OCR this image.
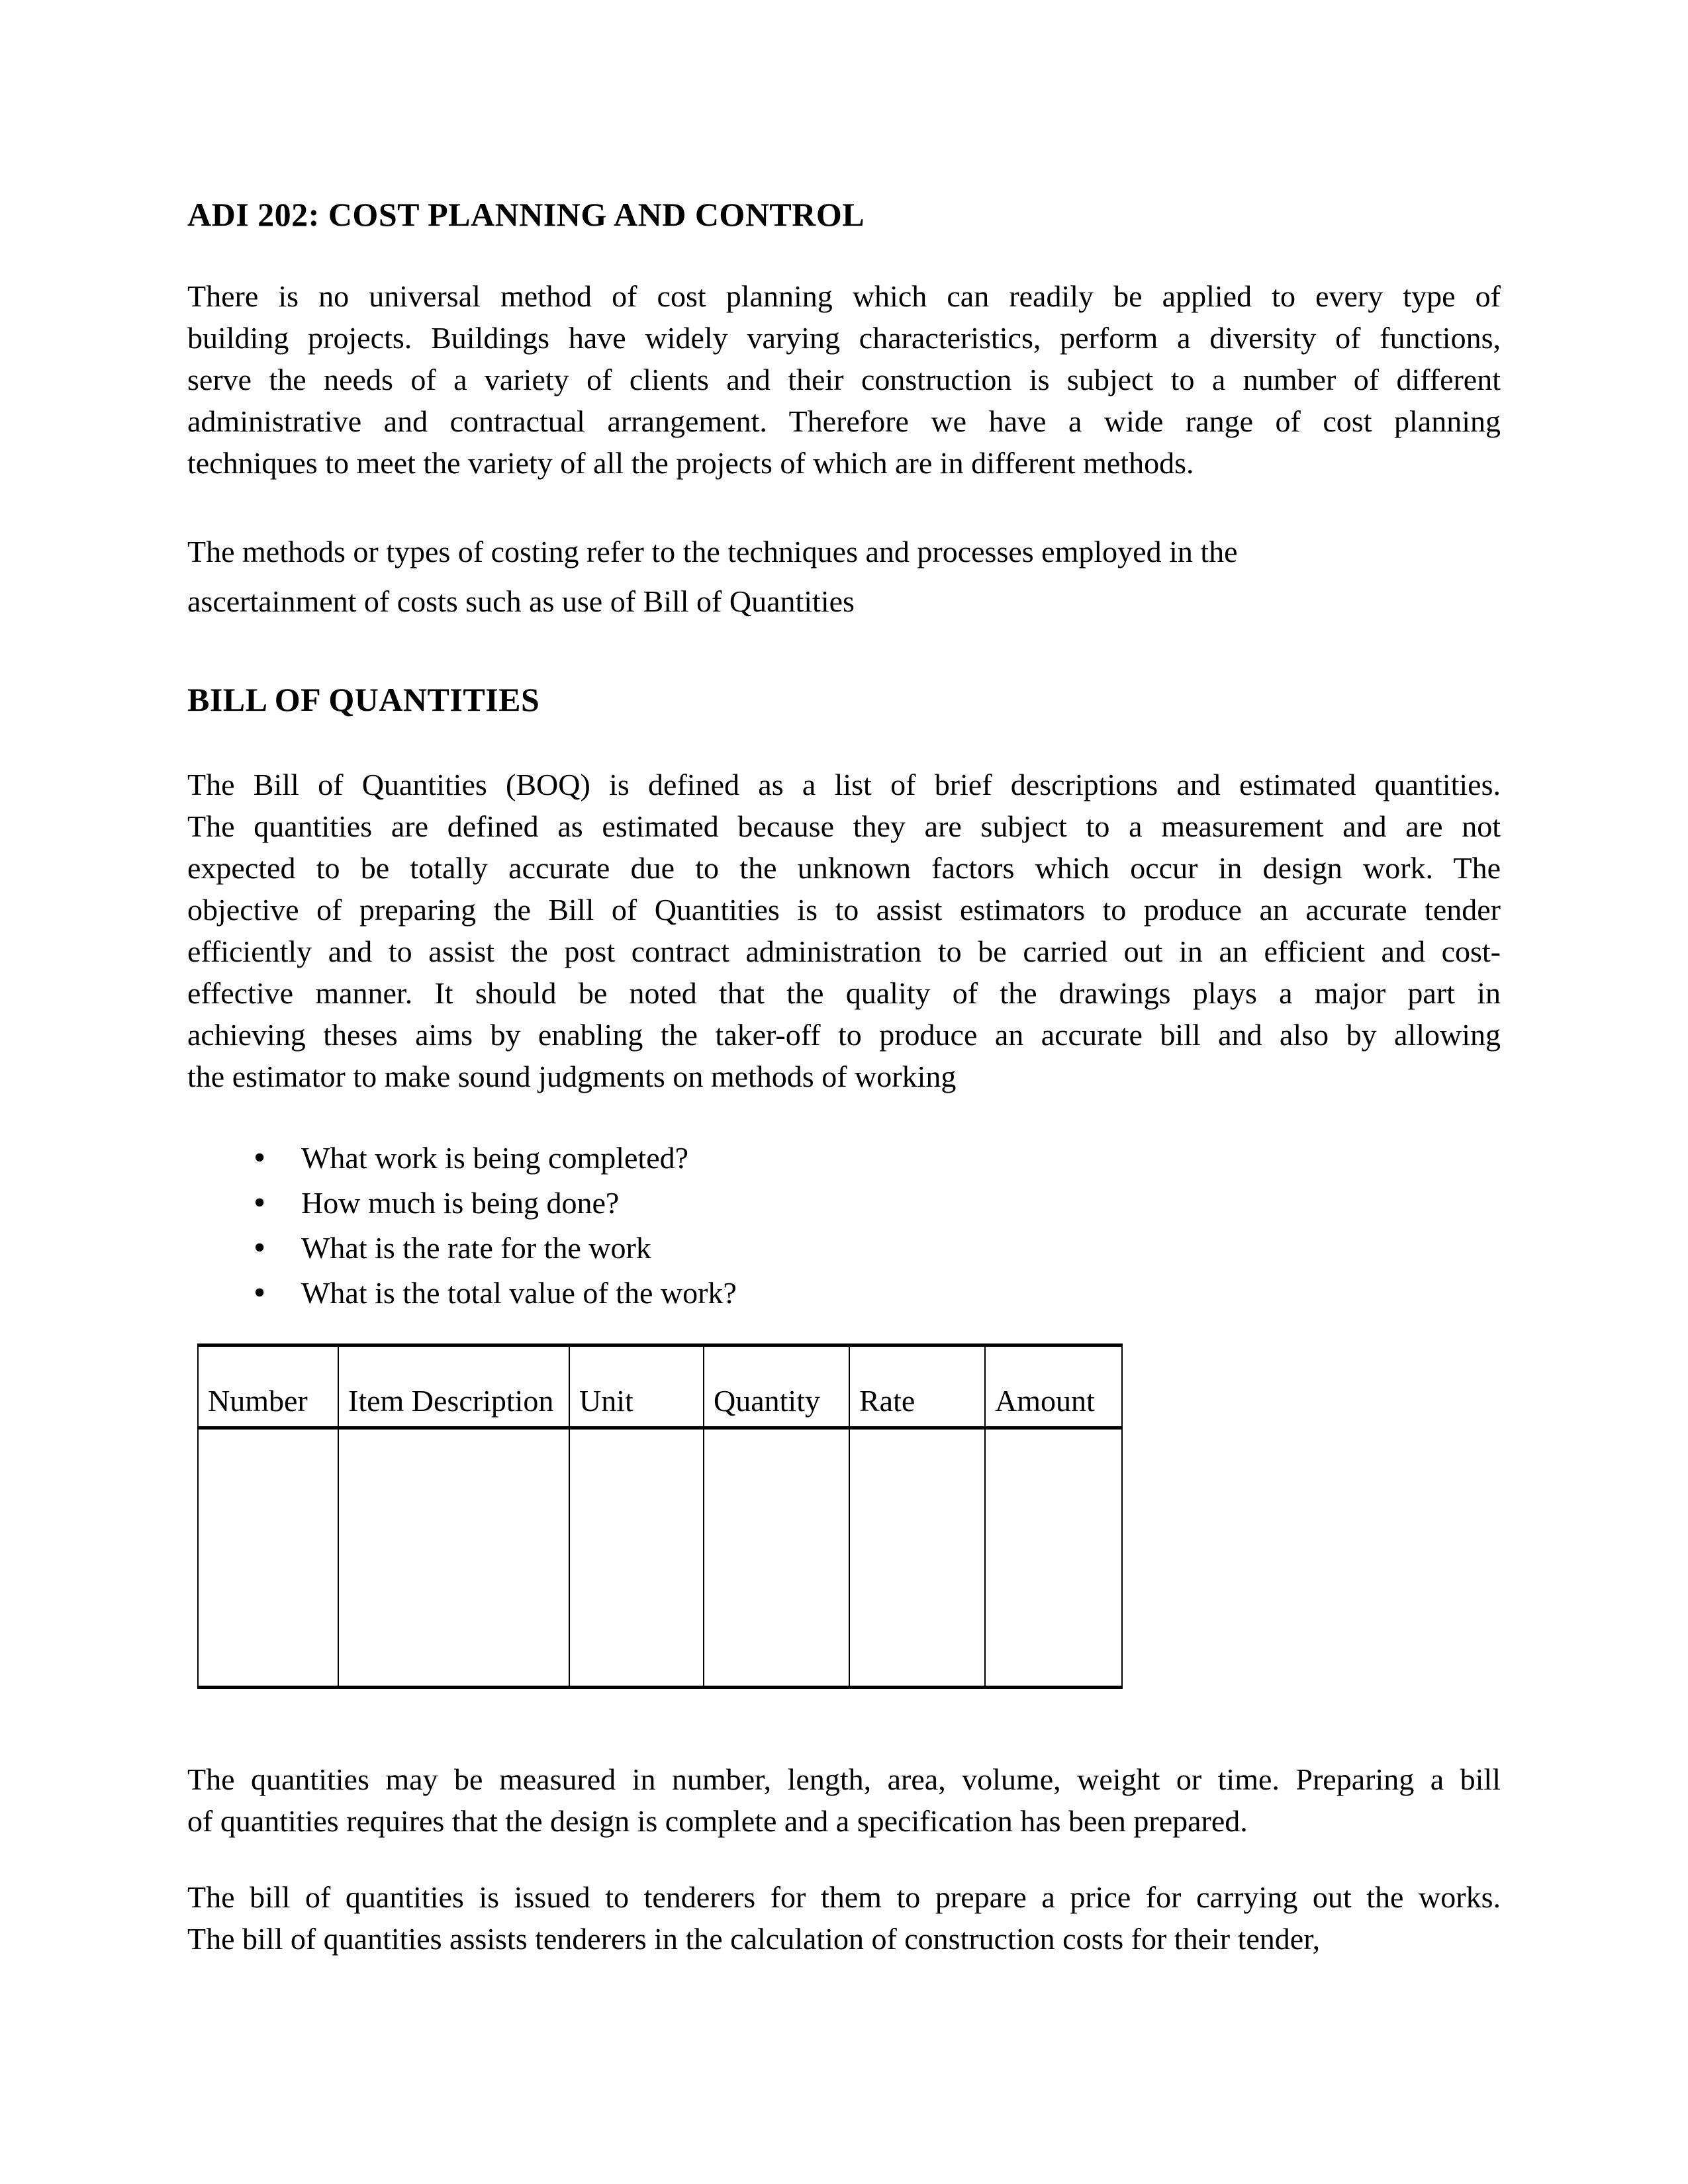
ADI 202: COST PLANNING AND CONTROL
There is no universal method of cost planning which can readily be applied to every type of
building projects. Buildings have widely varying characteristics, perform a diversity of functions,
serve the needs of a variety of clients and their construction is subject to a number of different
administrative and contractual arrangement. Therefore we have a wide range of cost planning
techniques to meet the variety of all the projects of which are in different methods.
The methods or types of costing refer to the techniques and processes employed in the
ascertainment of costs such as use of Bill of Quantities
BILL OF QUANTITIES
The Bill of Quantities (BOQ) is defined as a list of brief descriptions and estimated quantities.
The quantities are defined as estimated because they are subject to a measurement and are not
expected to be totally accurate due to the unknown factors which occur in design work. The
objective of preparing the Bill of Quantities is to assist estimators to produce an accurate tender
efficiently and to assist the post contract administration to be carried out in an efficient and cost-
effective manner. It should be noted that the quality of the drawings plays a major part in
achieving theses aims by enabling the taker-off to produce an accurate bill and also by allowing
the estimator to make sound judgments on methods of working
• What work is being completed?
• How much is being done?
• What is the rate for the work
• What is the total value of the work?
Number	Item Description	Unit	Quantity	Rate	Amount

The quantities may be measured in number, length, area, volume, weight or time. Preparing a bill
of quantities requires that the design is complete and a specification has been prepared.
The bill of quantities is issued to tenderers for them to prepare a price for carrying out the works.
The bill of quantities assists tenderers in the calculation of construction costs for their tender,
